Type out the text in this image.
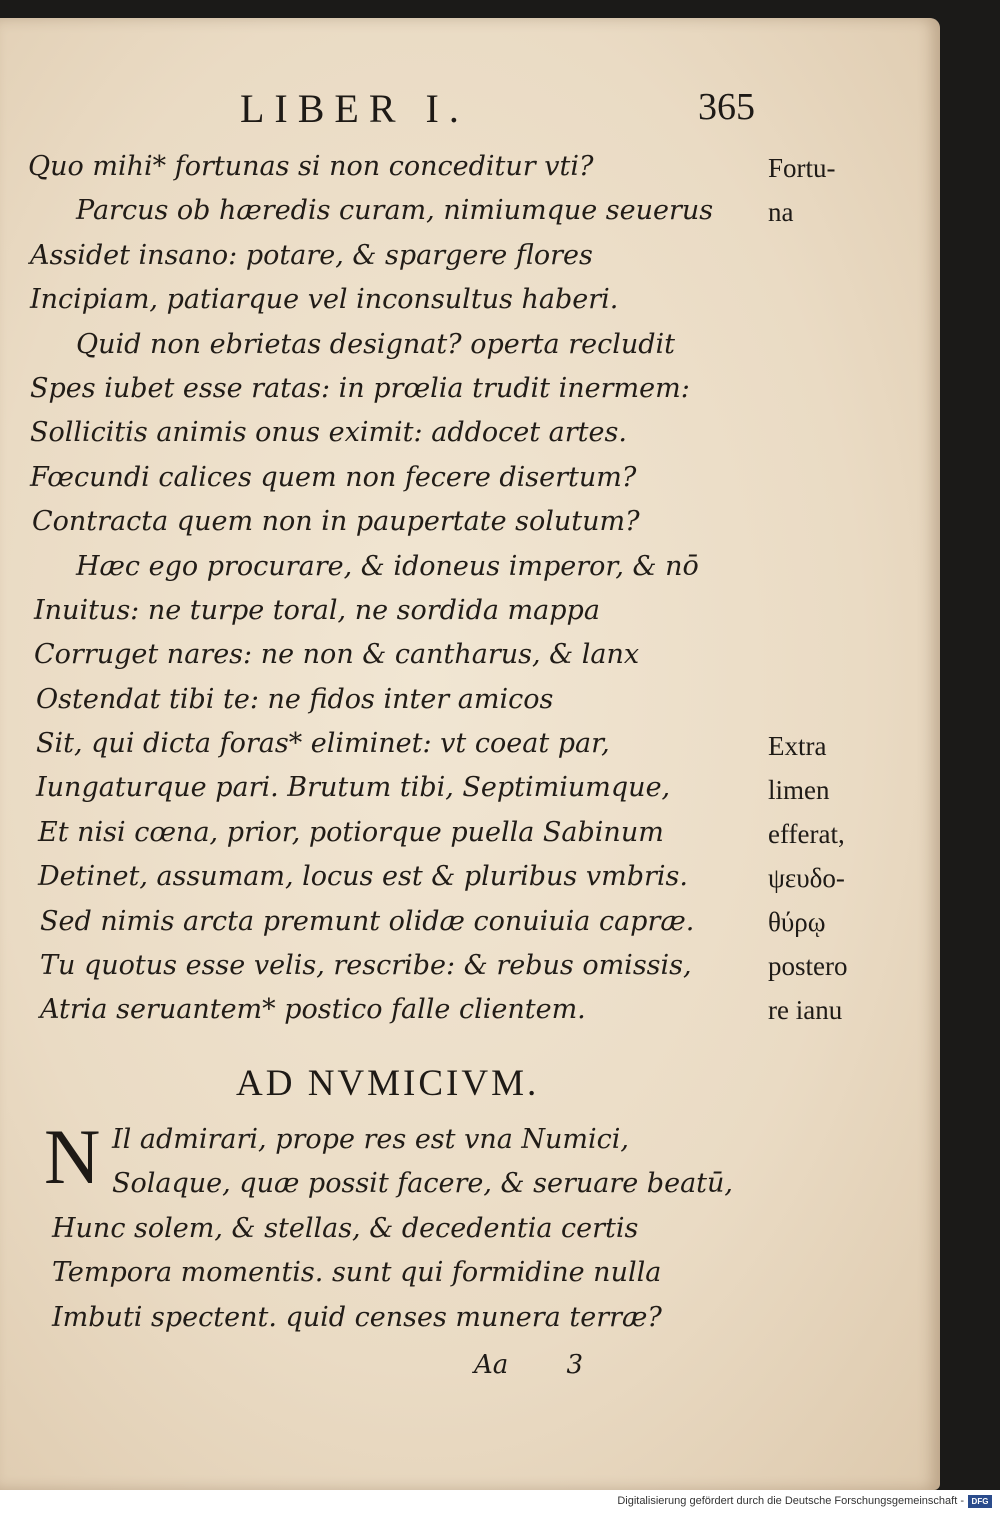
LIBER I.	365
Quo mihi* fortunas si non conceditur vti?
Parcus ob hæredis curam, nimiumque seuerus
Assidet insano: potare, & spargere flores
Incipiam, patiarque vel inconsultus haberi.
Quid non ebrietas designat? operta recludit
Spes iubet esse ratas: in prœlia trudit inermem:
Sollicitis animis onus eximit: addocet artes.
Fœcundi calices quem non fecere disertum?
Contracta quem non in paupertate solutum?
Hæc ego procurare, & idoneus imperor, & nō
Inuitus: ne turpe toral, ne sordida mappa
Corruget nares: ne non & cantharus, & lanx
Ostendat tibi te: ne fidos inter amicos
Sit, qui dicta foras* eliminet: vt coeat par,
Iungaturque pari. Brutum tibi, Septimiumque,
Et nisi cœna, prior, potiorque puella Sabinum
Detinet, assumam, locus est & pluribus vmbris.
Sed nimis arcta premunt olidæ conuiuia capræ.
Tu quotus esse velis, rescribe: & rebus omissis,
Atria seruantem* postico falle clientem.
Fortu-
na
Extra
limen
efferat,
ψευδο-
θύρῳ
postero
re ianu
AD NVMICIVM.
N Il admirari, prope res est vna Numici,
Solaque, quæ possit facere, & seruare beatū,
Hunc solem, & stellas, & decedentia certis
Tempora momentis. sunt qui formidine nulla
Imbuti spectent. quid censes munera terræ?
Aa 3
Digitalisierung gefördert durch die Deutsche Forschungsgemeinschaft - DFG
